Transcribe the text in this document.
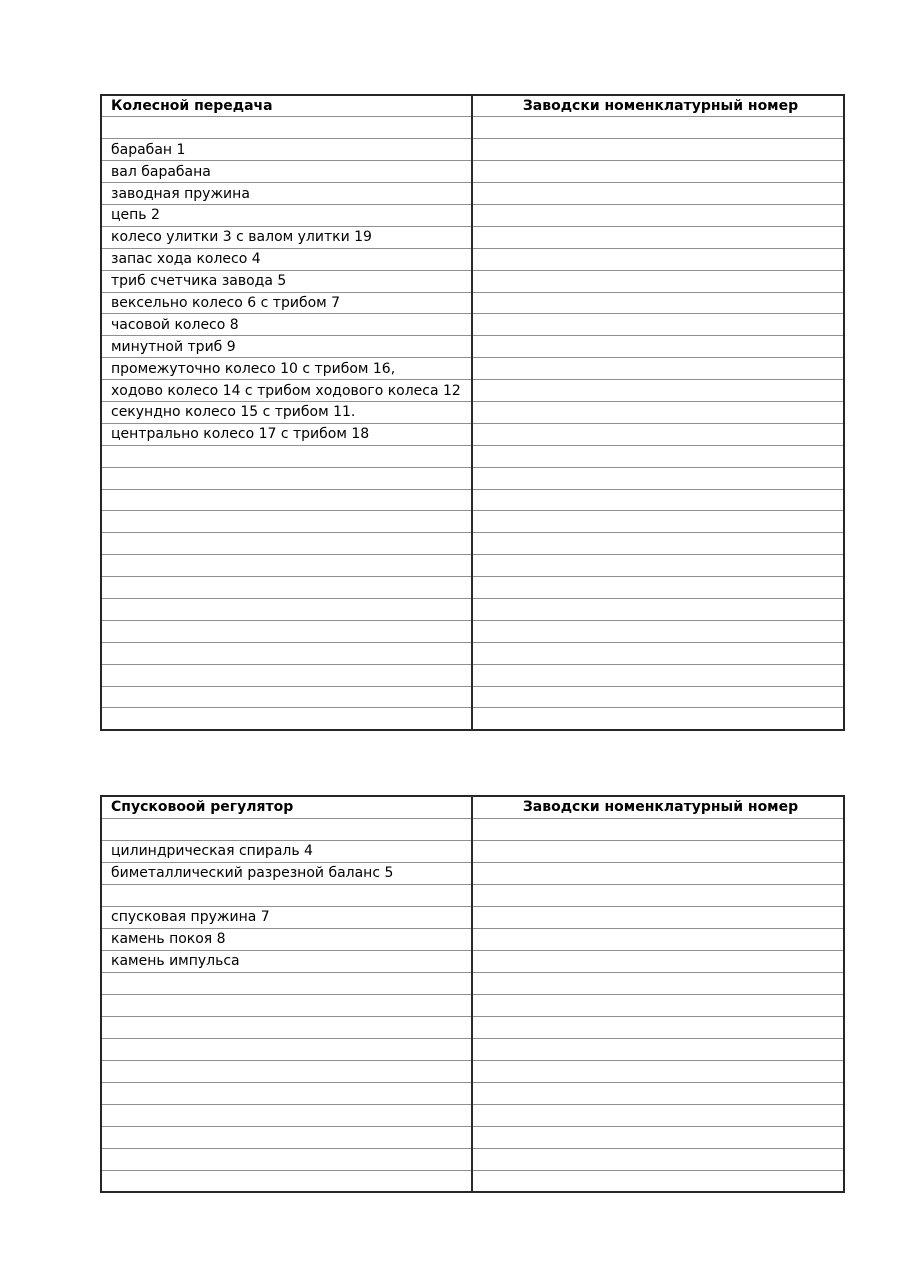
Колесной передача	Заводски номенклатурный номер

барабан 1	
вал барабана	
заводная пружина	
цепь 2	
колесо улитки 3 с валом улитки 19	
запас хода колесо 4	
триб счетчика завода 5	
вексельно колесо 6 с трибом 7	
часовой колесо 8	
минутной триб 9	
промежуточно колесо 10 с трибом 16,	
ходово колесо 14 с трибом ходового колеса 12	
секундно колесо 15 с трибом 11.	
центрально колесо 17 с трибом 18	

Спусковоой регулятор	Заводски номенклатурный номер

цилиндрическая спираль 4	
биметаллический разрезной баланс 5	

спусковая пружина 7	
камень покоя 8	
камень импульса	
